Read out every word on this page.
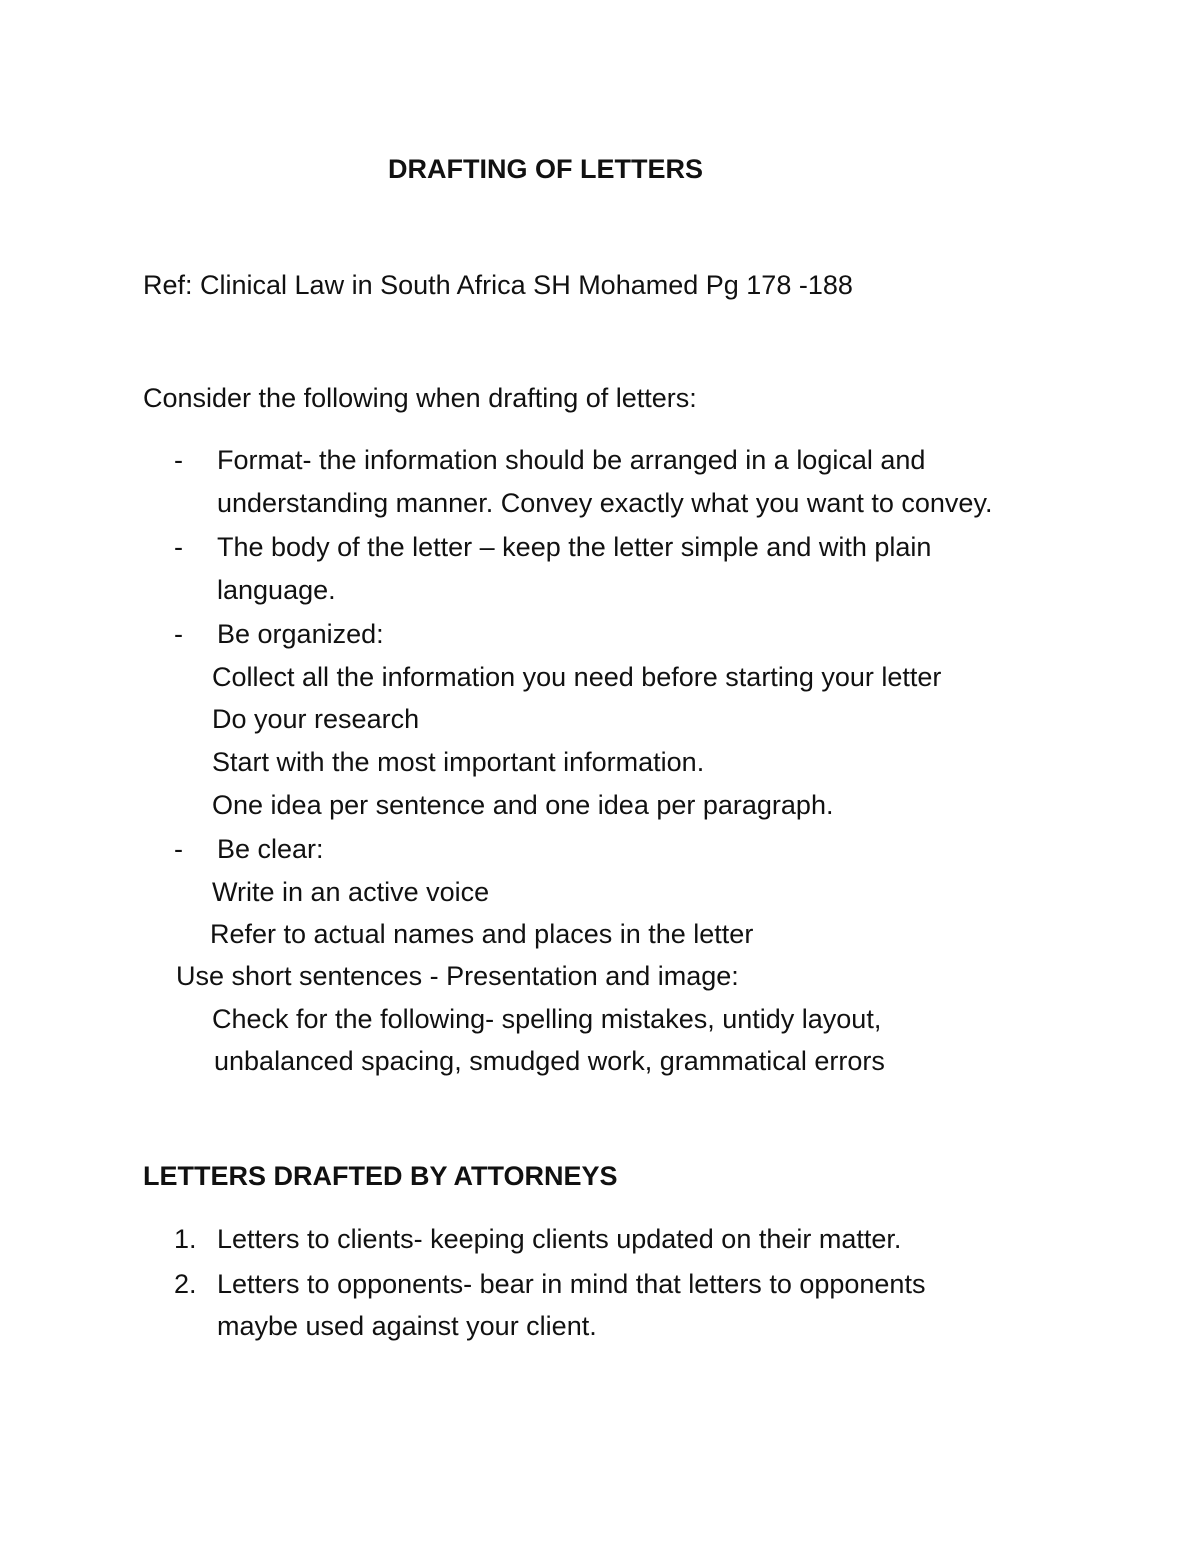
DRAFTING OF LETTERS

Ref: Clinical Law in South Africa SH Mohamed Pg 178 -188

Consider the following when drafting of letters:

- Format- the information should be arranged in a logical and

understanding manner. Convey exactly what you want to convey.

- The body of the letter – keep the letter simple and with plain

language.

- Be organized:

Collect all the information you need before starting your letter

Do your research

Start with the most important information.

One idea per sentence and one idea per paragraph.

- Be clear:

Write in an active voice

Refer to actual names and places in the letter

Use short sentences - Presentation and image:

Check for the following- spelling mistakes, untidy layout,

unbalanced spacing, smudged work, grammatical errors

LETTERS DRAFTED BY ATTORNEYS

1. Letters to clients- keeping clients updated on their matter.

2. Letters to opponents- bear in mind that letters to opponents

maybe used against your client.
